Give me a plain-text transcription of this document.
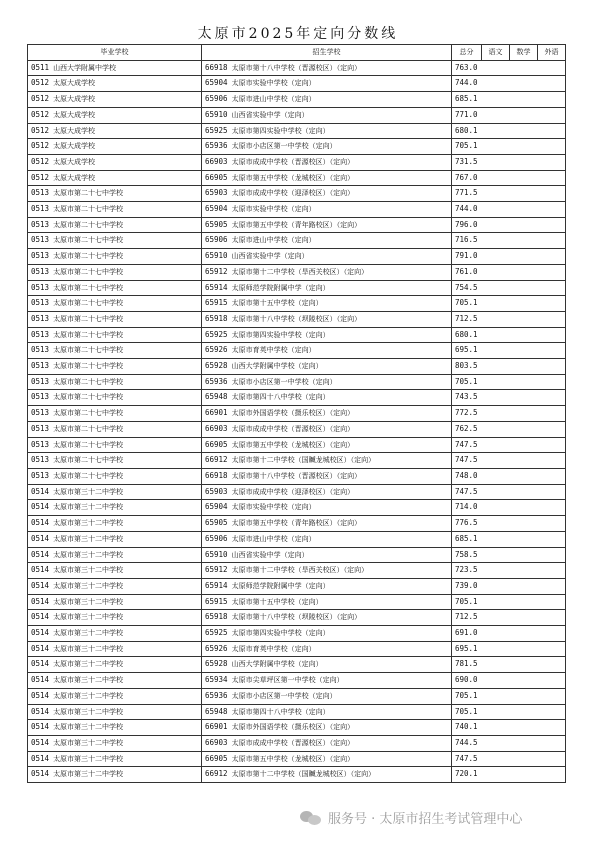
太原市2025年定向分数线
毕业学校	招生学校	总分	语文	数学	外语
0511 山西大学附属中学校	66918 太原市第十八中学校（晋源校区）（定向）	763.0			
0512 太原大成学校	65904 太原市实验中学校（定向）	744.0			
0512 太原大成学校	65906 太原市进山中学校（定向）	685.1			
0512 太原大成学校	65910 山西省实验中学（定向）	771.0			
0512 太原大成学校	65925 太原市第四实验中学校（定向）	680.1			
0512 太原大成学校	65936 太原市小店区第一中学校（定向）	705.1			
0512 太原大成学校	66903 太原市成成中学校（晋源校区）（定向）	731.5			
0512 太原大成学校	66905 太原市第五中学校（龙城校区）（定向）	767.0			
0513 太原市第二十七中学校	65903 太原市成成中学校（迎泽校区）（定向）	771.5			
0513 太原市第二十七中学校	65904 太原市实验中学校（定向）	744.0			
0513 太原市第二十七中学校	65905 太原市第五中学校（青年路校区）（定向）	796.0			
0513 太原市第二十七中学校	65906 太原市进山中学校（定向）	716.5			
0513 太原市第二十七中学校	65910 山西省实验中学（定向）	791.0			
0513 太原市第二十七中学校	65912 太原市第十二中学校（旱西关校区）（定向）	761.0			
0513 太原市第二十七中学校	65914 太原师范学院附属中学（定向）	754.5			
0513 太原市第二十七中学校	65915 太原市第十五中学校（定向）	705.1			
0513 太原市第二十七中学校	65918 太原市第十八中学校（坝陵校区）（定向）	712.5			
0513 太原市第二十七中学校	65925 太原市第四实验中学校（定向）	680.1			
0513 太原市第二十七中学校	65926 太原市育英中学校（定向）	695.1			
0513 太原市第二十七中学校	65928 山西大学附属中学校（定向）	803.5			
0513 太原市第二十七中学校	65936 太原市小店区第一中学校（定向）	705.1			
0513 太原市第二十七中学校	65948 太原市第四十八中学校（定向）	743.5			
0513 太原市第二十七中学校	66901 太原市外国语学校（摄乐校区）（定向）	772.5			
0513 太原市第二十七中学校	66903 太原市成成中学校（晋源校区）（定向）	762.5			
0513 太原市第二十七中学校	66905 太原市第五中学校（龙城校区）（定向）	747.5			
0513 太原市第二十七中学校	66912 太原市第十二中学校（国贓龙城校区）（定向）	747.5			
0513 太原市第二十七中学校	66918 太原市第十八中学校（晋源校区）（定向）	748.0			
0514 太原市第三十二中学校	65903 太原市成成中学校（迎泽校区）（定向）	747.5			
0514 太原市第三十二中学校	65904 太原市实验中学校（定向）	714.0			
0514 太原市第三十二中学校	65905 太原市第五中学校（青年路校区）（定向）	776.5			
0514 太原市第三十二中学校	65906 太原市进山中学校（定向）	685.1			
0514 太原市第三十二中学校	65910 山西省实验中学（定向）	758.5			
0514 太原市第三十二中学校	65912 太原市第十二中学校（旱西关校区）（定向）	723.5			
0514 太原市第三十二中学校	65914 太原师范学院附属中学（定向）	739.0			
0514 太原市第三十二中学校	65915 太原市第十五中学校（定向）	705.1			
0514 太原市第三十二中学校	65918 太原市第十八中学校（坝陵校区）（定向）	712.5			
0514 太原市第三十二中学校	65925 太原市第四实验中学校（定向）	691.0			
0514 太原市第三十二中学校	65926 太原市育英中学校（定向）	695.1			
0514 太原市第三十二中学校	65928 山西大学附属中学校（定向）	781.5			
0514 太原市第三十二中学校	65934 太原市尖草坪区第一中学校（定向）	690.0			
0514 太原市第三十二中学校	65936 太原市小店区第一中学校（定向）	705.1			
0514 太原市第三十二中学校	65948 太原市第四十八中学校（定向）	705.1			
0514 太原市第三十二中学校	66901 太原市外国语学校（摄乐校区）（定向）	740.1			
0514 太原市第三十二中学校	66903 太原市成成中学校（晋源校区）（定向）	744.5			
0514 太原市第三十二中学校	66905 太原市第五中学校（龙城校区）（定向）	747.5			
0514 太原市第三十二中学校	66912 太原市第十二中学校（国贓龙城校区）（定向）	720.1			
服务号 · 太原市招生考试管理中心
